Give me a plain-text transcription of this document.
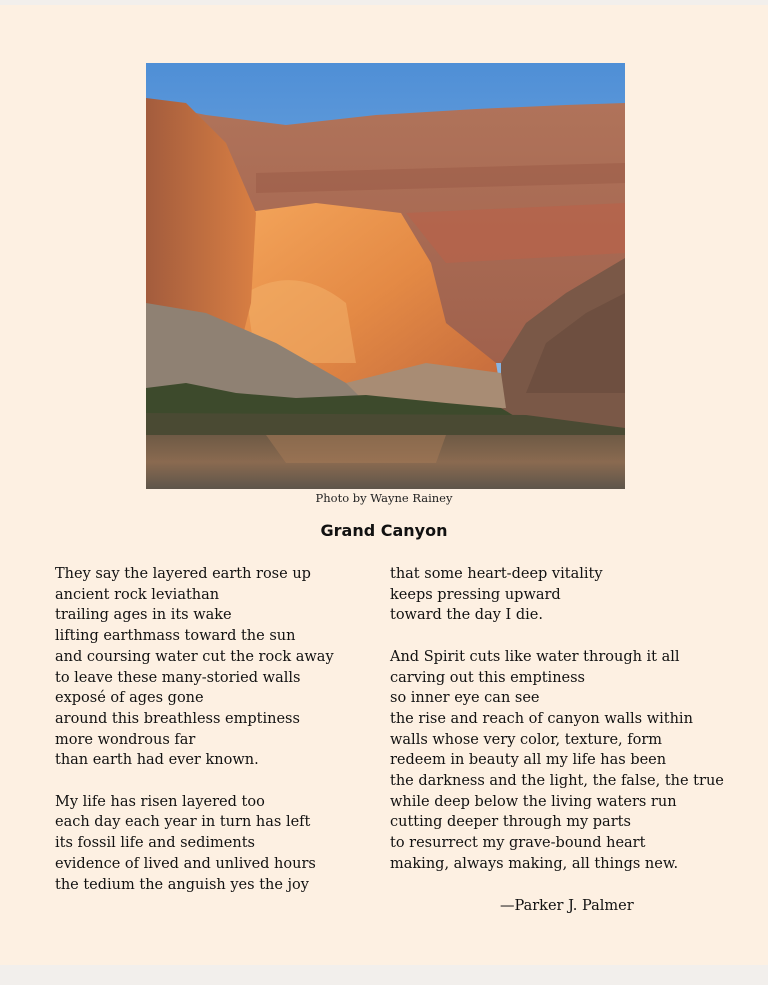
Photo by Wayne Rainey
Grand Canyon
They say the layered earth rose up
ancient rock leviathan
trailing ages in its wake
lifting earthmass toward the sun
and coursing water cut the rock away
to leave these many-storied walls
exposé of ages gone
around this breathless emptiness
more wondrous far
than earth had ever known.
My life has risen layered too
each day each year in turn has left
its fossil life and sediments
evidence of lived and unlived hours
the tedium the anguish yes the joy
that some heart-deep vitality
keeps pressing upward
toward the day I die.
And Spirit cuts like water through it all
carving out this emptiness
so inner eye can see
the rise and reach of canyon walls within
walls whose very color, texture, form
redeem in beauty all my life has been
the darkness and the light, the false, the true
while deep below the living waters run
cutting deeper through my parts
to resurrect my grave-bound heart
making, always making, all things new.
—Parker J. Palmer
